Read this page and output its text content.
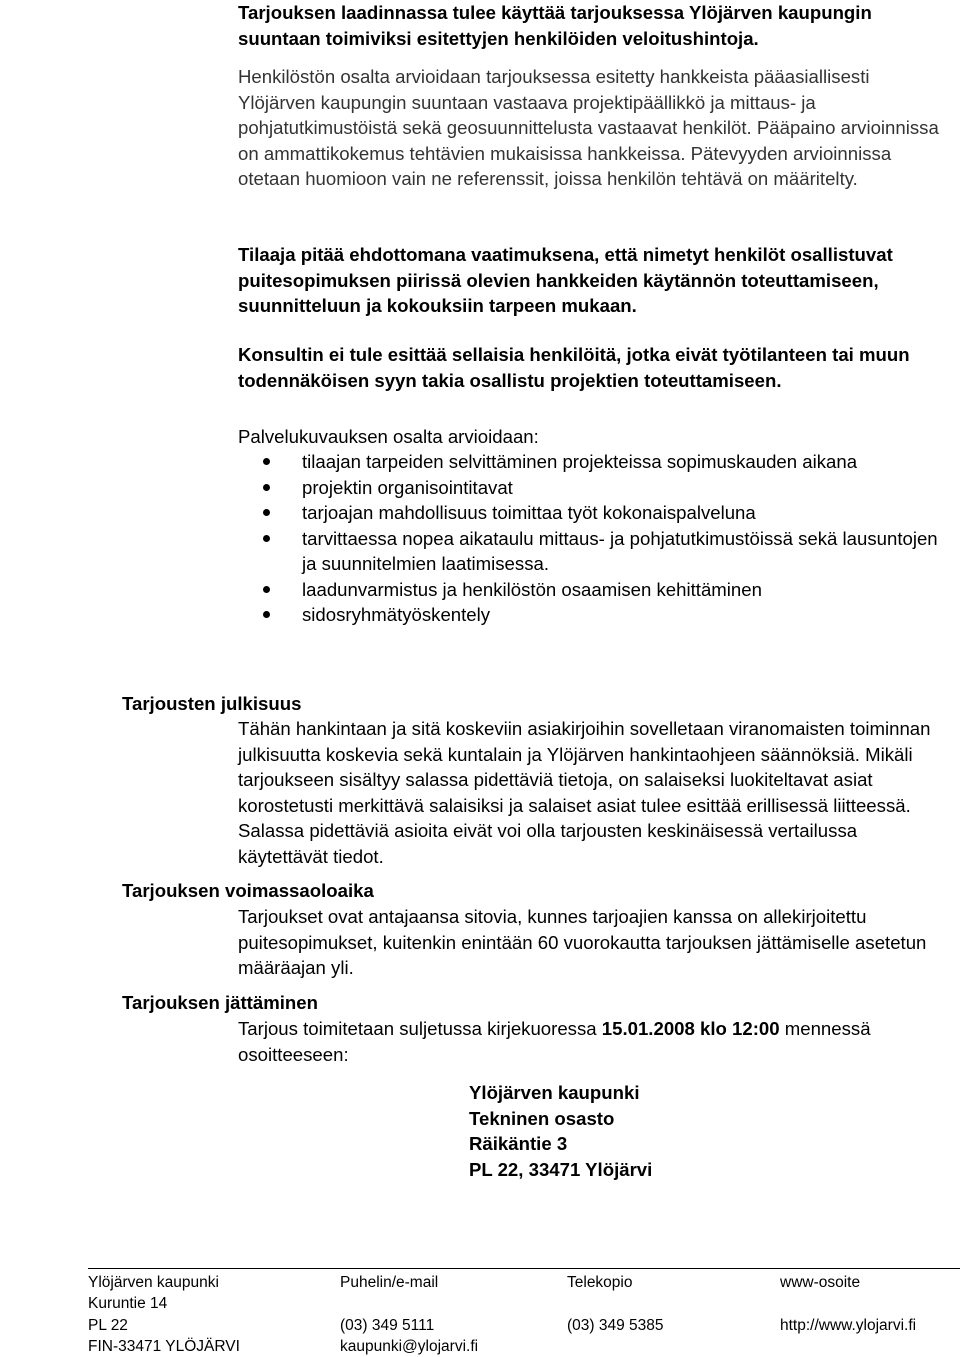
Tarjouksen laadinnassa tulee käyttää tarjouksessa Ylöjärven kaupungin suuntaan toimiviksi esitettyjen henkilöiden veloitushintoja.
Henkilöstön osalta arvioidaan tarjouksessa esitetty hankkeista pääasiallisesti Ylöjärven kaupungin suuntaan vastaava projektipäällikkö ja mittaus- ja pohjatutkimustöistä sekä geosuunnittelusta vastaavat henkilöt. Pääpaino arvioinnissa on ammattikokemus tehtävien mukaisissa hankkeissa. Pätevyyden arvioinnissa otetaan huomioon vain ne referenssit, joissa henkilön tehtävä on määritelty.
Tilaaja pitää ehdottomana vaatimuksena, että nimetyt henkilöt osallistuvat puitesopimuksen piirissä olevien hankkeiden käytännön toteuttamiseen, suunnitteluun ja kokouksiin tarpeen mukaan.
Konsultin ei tule esittää sellaisia henkilöitä, jotka eivät työtilanteen tai muun todennäköisen syyn takia osallistu projektien toteuttamiseen.
Palvelukuvauksen osalta arvioidaan:
tilaajan tarpeiden selvittäminen projekteissa sopimuskauden aikana
projektin organisointitavat
tarjoajan mahdollisuus toimittaa työt kokonaispalveluna
tarvittaessa nopea aikataulu mittaus- ja pohjatutkimustöissä sekä lausuntojen ja suunnitelmien laatimisessa.
laadunvarmistus ja henkilöstön osaamisen kehittäminen
sidosryhmätyöskentely
Tarjousten julkisuus
Tähän hankintaan ja sitä koskeviin asiakirjoihin sovelletaan viranomaisten toiminnan julkisuutta koskevia sekä kuntalain ja Ylöjärven hankintaohjeen säännöksiä. Mikäli tarjoukseen sisältyy salassa pidettäviä tietoja, on salaiseksi luokiteltavat asiat korostetusti merkittävä salaisiksi ja salaiset asiat tulee esittää erillisessä liitteessä. Salassa pidettäviä asioita eivät voi olla tarjousten keskinäisessä vertailussa käytettävät tiedot.
Tarjouksen voimassaoloaika
Tarjoukset ovat antajaansa sitovia, kunnes tarjoajien kanssa on allekirjoitettu puitesopimukset, kuitenkin enintään 60 vuorokautta tarjouksen jättämiselle asetetun määräajan yli.
Tarjouksen jättäminen
Tarjous toimitetaan suljetussa kirjekuoressa 15.01.2008 klo 12:00 mennessä osoitteeseen:
Ylöjärven kaupunki
Tekninen osasto
Räikäntie 3
PL 22, 33471 Ylöjärvi
Ylöjärven kaupunki
Kuruntie 14
PL 22
FIN-33471 YLÖJÄRVI
Puhelin/e-mail
(03) 349 5111
kaupunki@ylojarvi.fi
Telekopio
(03) 349 5385
www-osoite
http://www.ylojarvi.fi
